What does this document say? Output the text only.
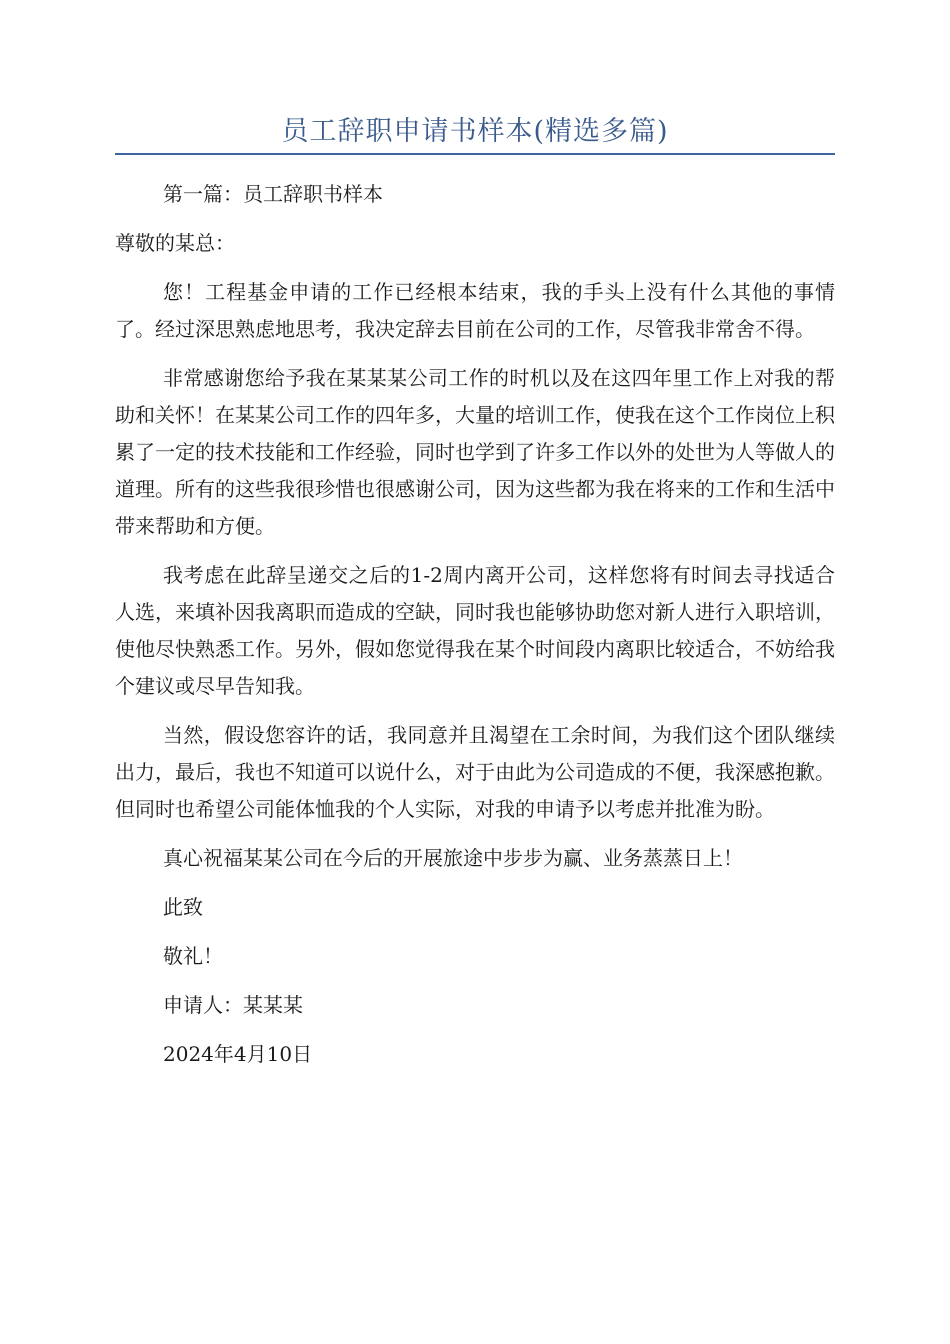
员工辞职申请书样本(精选多篇)

第一篇：员工辞职书样本

尊敬的某总：

您！工程基金申请的工作已经根本结束，我的手头上没有什么其他的事情了。经过深思熟虑地思考，我决定辞去目前在公司的工作，尽管我非常舍不得。

非常感谢您给予我在某某某公司工作的时机以及在这四年里工作上对我的帮助和关怀！在某某公司工作的四年多，大量的培训工作，使我在这个工作岗位上积累了一定的技术技能和工作经验，同时也学到了许多工作以外的处世为人等做人的道理。所有的这些我很珍惜也很感谢公司，因为这些都为我在将来的工作和生活中带来帮助和方便。

我考虑在此辞呈递交之后的1-2周内离开公司，这样您将有时间去寻找适合人选，来填补因我离职而造成的空缺，同时我也能够协助您对新人进行入职培训，使他尽快熟悉工作。另外，假如您觉得我在某个时间段内离职比较适合，不妨给我个建议或尽早告知我。

当然，假设您容许的话，我同意并且渴望在工余时间，为我们这个团队继续出力，最后，我也不知道可以说什么，对于由此为公司造成的不便，我深感抱歉。但同时也希望公司能体恤我的个人实际，对我的申请予以考虑并批准为盼。

真心祝福某某公司在今后的开展旅途中步步为赢、业务蒸蒸日上！

此致

敬礼！

申请人：某某某

2024年4月10日
